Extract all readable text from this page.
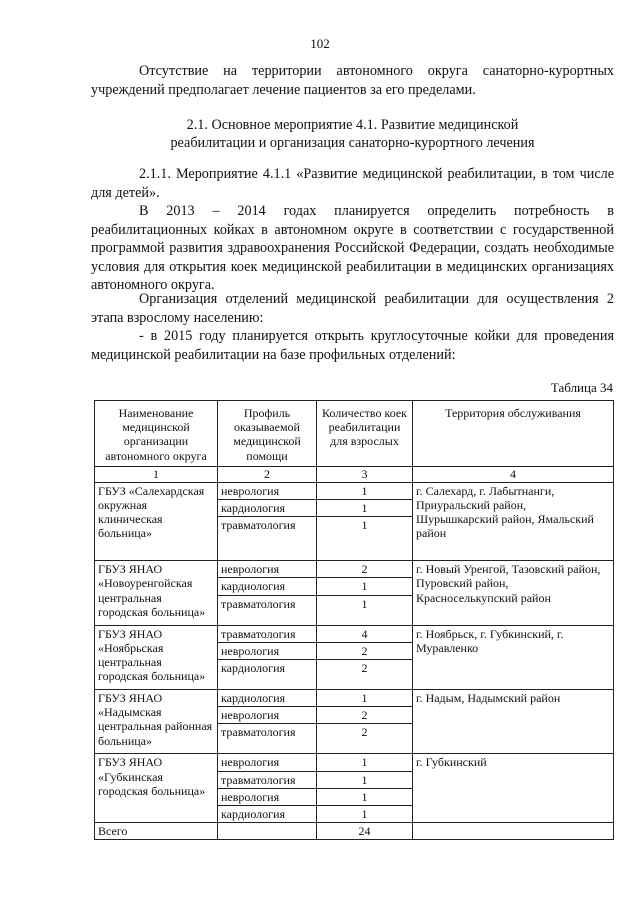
102

Отсутствие на территории автономного округа санаторно-курортных учреждений предполагает лечение пациентов за его пределами.

2.1. Основное мероприятие 4.1. Развитие медицинской

реабилитации и организация санаторно-курортного лечения

2.1.1. Мероприятие 4.1.1 «Развитие медицинской реабилитации, в том числе для детей».

В 2013 – 2014 годах планируется определить потребность в реабилитационных койках в автономном округе в соответствии с государственной программой развития здравоохранения Российской Федерации, создать необходимые условия для открытия коек медицинской реабилитации в медицинских организациях автономного округа.

Организация отделений медицинской реабилитации для осуществления 2 этапа взрослому населению:

- в 2015 году планируется открыть круглосуточные койки для проведения медицинской реабилитации на базе профильных отделений:

Таблица 34
Наименование медицинской организации автономного округа	Профиль оказываемой медицинской помощи	Количество коек реабилитации для взрослых	Территория обслуживания
1	2	3	4
ГБУЗ «Салехардская окружная клиническая больница»	неврология	1	г. Салехард, г. Лабытнанги, Приуральский район, Шурышкарский район, Ямальский район
	кардиология	1	
	травматология	1	
ГБУЗ ЯНАО «Новоуренгойская центральная городская больница»	неврология	2	г. Новый Уренгой, Тазовский район, Пуровский район, Красноселькупский район
	кардиология	1	
	травматология	1	
ГБУЗ ЯНАО «Ноябрьская центральная городская больница»	травматология	4	г. Ноябрьск, г. Губкинский, г. Муравленко
	неврология	2	
	кардиология	2	
ГБУЗ ЯНАО «Надымская центральная районная больница»	кардиология	1	г. Надым, Надымский район
	неврология	2	
	травматология	2	
ГБУЗ ЯНАО «Губкинская городская больница»	неврология	1	г. Губкинский
	травматология	1	
	неврология	1	
	кардиология	1	
Всего		24	
